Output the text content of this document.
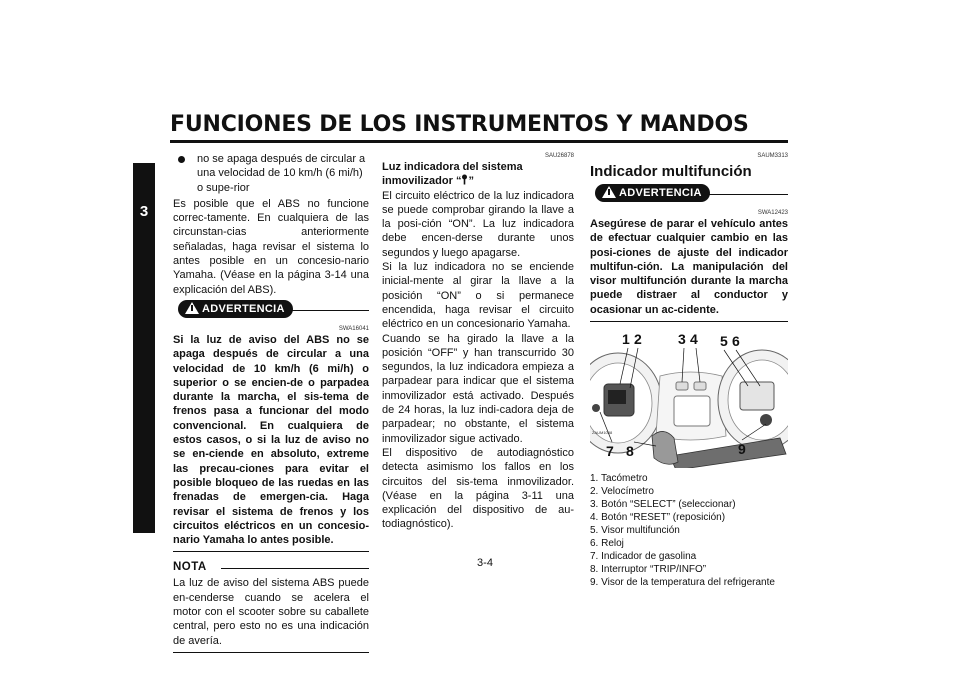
FUNCIONES DE LOS INSTRUMENTOS Y MANDOS
3
no se apaga después de circular a una velocidad de 10 km/h (6 mi/h) o supe-rior

Es posible que el ABS no funcione correc-tamente. En cualquiera de las circunstan-cias anteriormente señaladas, haga revisar el sistema lo antes posible en un concesio-nario Yamaha. (Véase en la página 3-14 una explicación del ABS).

ADVERTENCIA
SWA16041

Si la luz de aviso del ABS no se apaga después de circular a una velocidad de 10 km/h (6 mi/h) o superior o se encien-de o parpadea durante la marcha, el sis-tema de frenos pasa a funcionar del modo convencional. En cualquiera de estos casos, o si la luz de aviso no se en-ciende en absoluto, extreme las precau-ciones para evitar el posible bloqueo de las ruedas en las frenadas de emergen-cia. Haga revisar el sistema de frenos y los circuitos eléctricos en un concesio-nario Yamaha lo antes posible.

NOTA

La luz de aviso del sistema ABS puede en-cenderse cuando se acelera el motor con el scooter sobre su caballete central, pero esto no es una indicación de avería.

SAU26878
Luz indicadora del sistema
inmovilizador “ ”

El circuito eléctrico de la luz indicadora se puede comprobar girando la llave a la posi-ción “ON”. La luz indicadora debe encen-derse durante unos segundos y luego apagarse.

Si la luz indicadora no se enciende inicial-mente al girar la llave a la posición “ON” o si permanece encendida, haga revisar el circuito eléctrico en un concesionario Yamaha.

Cuando se ha girado la llave a la posición “OFF” y han transcurrido 30 segundos, la luz indicadora empieza a parpadear para indicar que el sistema inmovilizador está activado. Después de 24 horas, la luz indi-cadora deja de parpadear; no obstante, el sistema inmovilizador sigue activado.

El dispositivo de autodiagnóstico detecta asimismo los fallos en los circuitos del sis-tema inmovilizador. (Véase en la página 3-11 una explicación del dispositivo de au-todiagnóstico).

SAUM3313
Indicador multifunción
ADVERTENCIA
SWA12423

Asegúrese de parar el vehículo antes de efectuar cualquier cambio en las posi-ciones de ajuste del indicador multifun-ción. La manipulación del visor multifunción durante la marcha puede distraer al conductor y ocasionar un ac-cidente.

1 2	3 4 5 6
7 8	9
ZAUM1088
1. Tacómetro
2. Velocímetro
3. Botón “SELECT” (seleccionar)
4. Botón “RESET” (reposición)
5. Visor multifunción
6. Reloj
7. Indicador de gasolina
8. Interruptor “TRIP/INFO”
9. Visor de la temperatura del refrigerante
3-4
